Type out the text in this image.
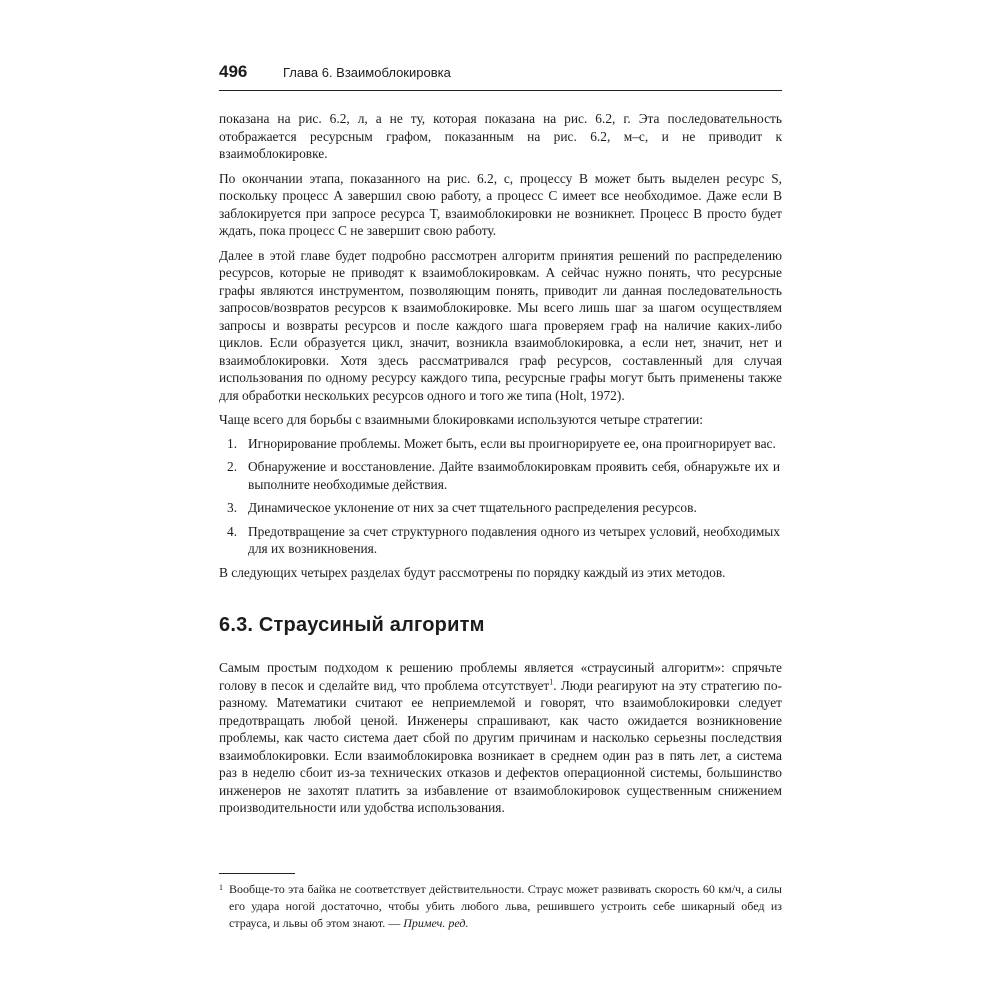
496	Глава 6. Взаимоблокировка

показана на рис. 6.2, л, а не ту, которая показана на рис. 6.2, г. Эта последовательность отображается ресурсным графом, показанным на рис. 6.2, м–с, и не приводит к взаимоблокировке.

По окончании этапа, показанного на рис. 6.2, с, процессу B может быть выделен ресурс S, поскольку процесс A завершил свою работу, а процесс C имеет все необходимое. Даже если B заблокируется при запросе ресурса T, взаимоблокировки не возникнет. Процесс B просто будет ждать, пока процесс C не завершит свою работу.

Далее в этой главе будет подробно рассмотрен алгоритм принятия решений по распределению ресурсов, которые не приводят к взаимоблокировкам. А сейчас нужно понять, что ресурсные графы являются инструментом, позволяющим понять, приводит ли данная последовательность запросов/возвратов ресурсов к взаимоблокировке. Мы всего лишь шаг за шагом осуществляем запросы и возвраты ресурсов и после каждого шага проверяем граф на наличие каких-либо циклов. Если образуется цикл, значит, возникла взаимоблокировка, а если нет, значит, нет и взаимоблокировки. Хотя здесь рассматривался граф ресурсов, составленный для случая использования по одному ресурсу каждого типа, ресурсные графы могут быть применены также для обработки нескольких ресурсов одного и того же типа (Holt, 1972).

Чаще всего для борьбы с взаимными блокировками используются четыре стратегии:

1. Игнорирование проблемы. Может быть, если вы проигнорируете ее, она проигнорирует вас.
2. Обнаружение и восстановление. Дайте взаимоблокировкам проявить себя, обнаружьте их и выполните необходимые действия.
3. Динамическое уклонение от них за счет тщательного распределения ресурсов.
4. Предотвращение за счет структурного подавления одного из четырех условий, необходимых для их возникновения.

В следующих четырех разделах будут рассмотрены по порядку каждый из этих методов.

6.3. Страусиный алгоритм

Самым простым подходом к решению проблемы является «страусиный алгоритм»: спрячьте голову в песок и сделайте вид, что проблема отсутствует$^1$. Люди реагируют на эту стратегию по-разному. Математики считают ее неприемлемой и говорят, что взаимоблокировки следует предотвращать любой ценой. Инженеры спрашивают, как часто ожидается возникновение проблемы, как часто система дает сбой по другим причинам и насколько серьезны последствия взаимоблокировки. Если взаимоблокировка возникает в среднем один раз в пять лет, а система раз в неделю сбоит из-за технических отказов и дефектов операционной системы, большинство инженеров не захотят платить за избавление от взаимоблокировок существенным снижением производительности или удобства использования.

1 Вообще-то эта байка не соответствует действительности. Страус может развивать скорость 60 км/ч, а силы его удара ногой достаточно, чтобы убить любого льва, решившего устроить себе шикарный обед из страуса, и львы об этом знают. — Примеч. ред.
